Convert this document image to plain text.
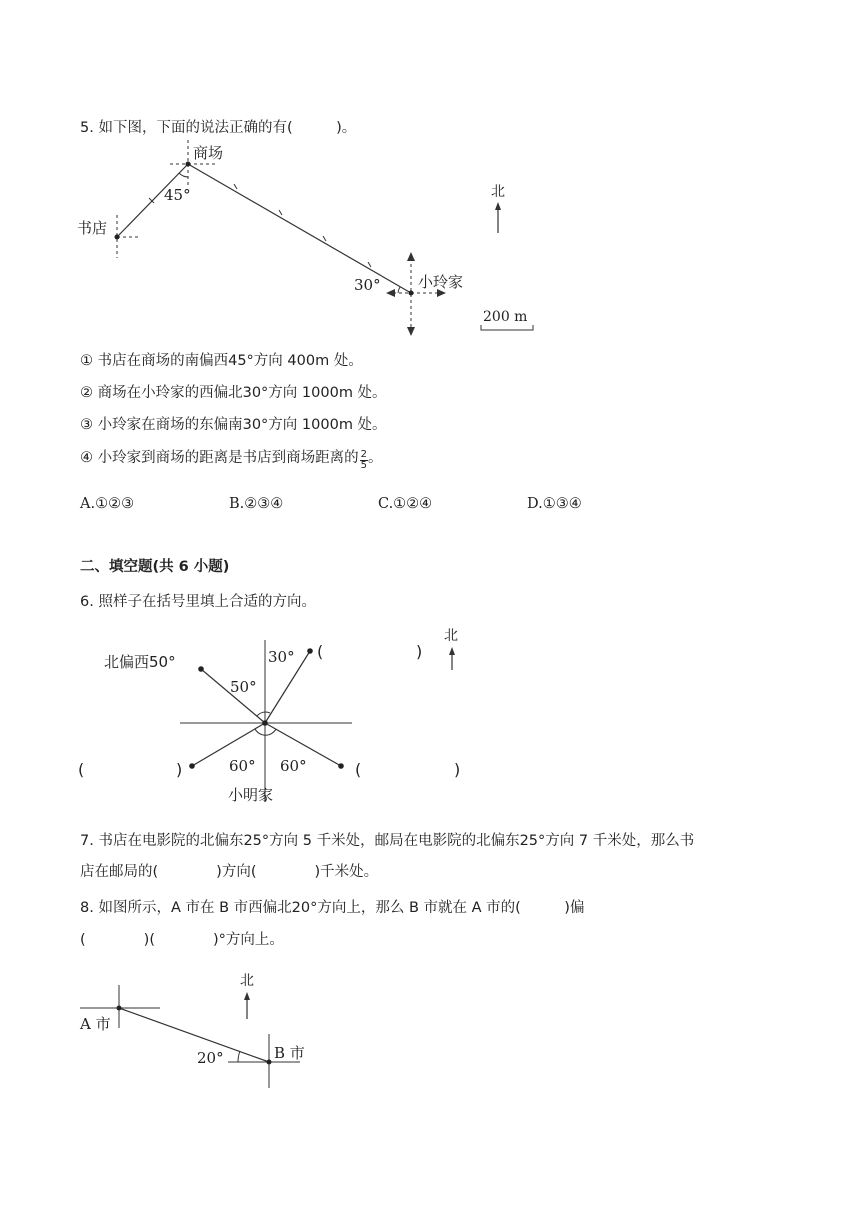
5. 如下图，下面的说法正确的有(　　　)。
商场
书店
小玲家
45°
30°
北
200 m
① 书店在商场的南偏西45°方向 400m 处。
② 商场在小玲家的西偏北30°方向 1000m 处。
③ 小玲家在商场的东偏南30°方向 1000m 处。
④ 小玲家到商场的距离是书店到商场距离的 $\frac{2}{5}$ 。
A.①②③	B.②③④	C.①②④	D.①③④
二、填空题(共 6 小题)
6. 照样子在括号里填上合适的方向。
北偏西50°
50°
30°
60° 60°
小明家
(	)
(	)	(	)
北
7. 书店在电影院的北偏东25°方向 5 千米处，邮局在电影院的北偏东25°方向 7 千米处，那么书
店在邮局的(　　　　)方向(　　　　)千米处。
8. 如图所示，A 市在 B 市西偏北20°方向上，那么 B 市就在 A 市的(　　　)偏
(　　　　)(　　　　)°方向上。
A 市
B 市
20°
北
